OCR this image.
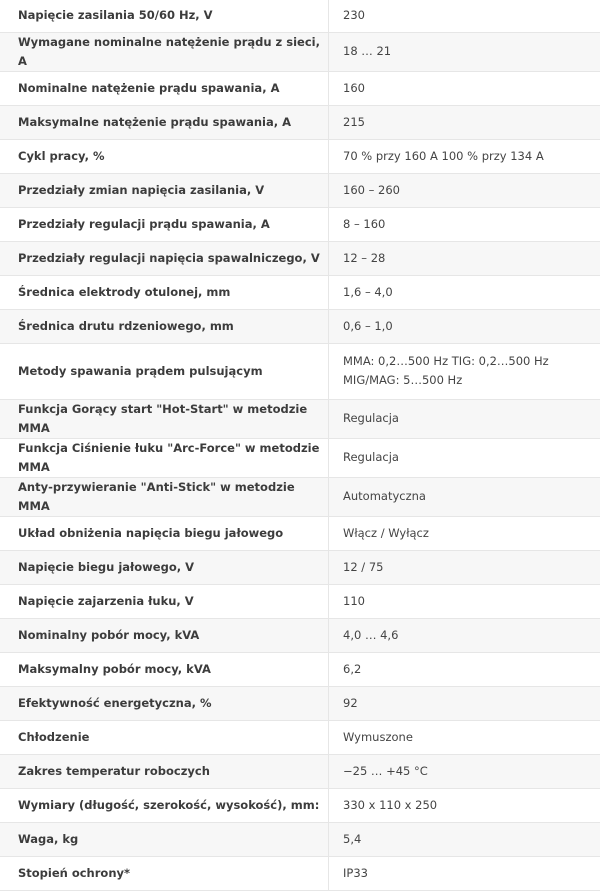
Napięcie zasilania 50/60 Hz, V	230
Wymagane nominalne natężenie prądu z sieci, A	18 … 21
Nominalne natężenie prądu spawania, A	160
Maksymalne natężenie prądu spawania, A	215
Cykl pracy, %	70 % przy 160 A 100 % przy 134 A
Przedziały zmian napięcia zasilania, V	160 – 260
Przedziały regulacji prądu spawania, A	8 – 160
Przedziały regulacji napięcia spawalniczego, V	12 – 28
Średnica elektrody otulonej, mm	1,6 – 4,0
Średnica drutu rdzeniowego, mm	0,6 – 1,0
Metody spawania prądem pulsującym	MMA: 0,2…500 Hz TIG: 0,2…500 Hz MIG/MAG: 5…500 Hz
Funkcja Gorący start "Hot-Start" w metodzie MMA	Regulacja
Funkcja Ciśnienie łuku "Arc-Force" w metodzie MMA	Regulacja
Anty-przywieranie "Anti-Stick" w metodzie MMA	Automatyczna
Układ obniżenia napięcia biegu jałowego	Włącz / Wyłącz
Napięcie biegu jałowego, V	12 / 75
Napięcie zajarzenia łuku, V	110
Nominalny pobór mocy, kVA	4,0 … 4,6
Maksymalny pobór mocy, kVA	6,2
Efektywność energetyczna, %	92
Chłodzenie	Wymuszone
Zakres temperatur roboczych	−25 … +45 °C
Wymiary (długość, szerokość, wysokość), mm:	330 x 110 x 250
Waga, kg	5,4
Stopień ochrony*	IP33
